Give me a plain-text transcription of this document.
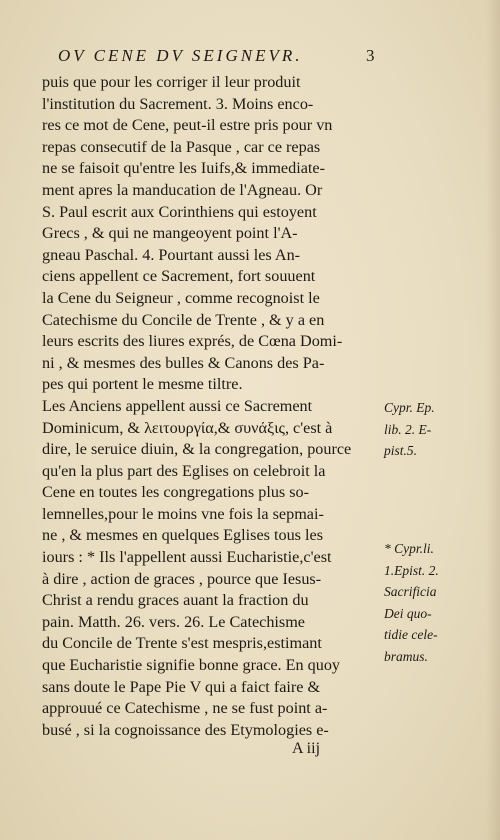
OV CENE DV SEIGNEVR.	3
puis que pour les corriger il leur produit
l'institution du Sacrement. 3. Moins enco-
res ce mot de Cene, peut-il estre pris pour vn
repas consecutif de la Pasque , car ce repas
ne se faisoit qu'entre les Iuifs,& immediate-
ment apres la manducation de l'Agneau. Or
S. Paul escrit aux Corinthiens qui estoyent
Grecs , & qui ne mangeoyent point l'A-
gneau Paschal. 4. Pourtant aussi les An-
ciens appellent ce Sacrement, fort souuent
la Cene du Seigneur , comme recognoist le
Catechisme du Concile de Trente , & y a en
leurs escrits des liures exprés, de Cœna Domi-
ni , & mesmes des bulles & Canons des Pa-
pes qui portent le mesme tiltre.
Les Anciens appellent aussi ce Sacrement
Dominicum, & λειτουργία,& συνάξις, c'est à
dire, le seruice diuin, & la congregation, pource
qu'en la plus part des Eglises on celebroit la
Cene en toutes les congregations plus so-
lemnelles,pour le moins vne fois la sepmai-
ne , & mesmes en quelques Eglises tous les
iours : * Ils l'appellent aussi Eucharistie,c'est
à dire , action de graces , pource que Iesus-
Christ a rendu graces auant la fraction du
pain. Matth. 26. vers. 26. Le Catechisme
du Concile de Trente s'est mespris,estimant
que Eucharistie signifie bonne grace. En quoy
sans doute le Pape Pie V qui a faict faire &
approuué ce Catechisme , ne se fust point a-
busé , si la cognoissance des Etymologies e-
Cypr. Ep.
lib. 2. E-
pist.5.
* Cypr.li.
1.Epist. 2.
Sacrificia
Dei quo-
tidie cele-
bramus.
A iij
